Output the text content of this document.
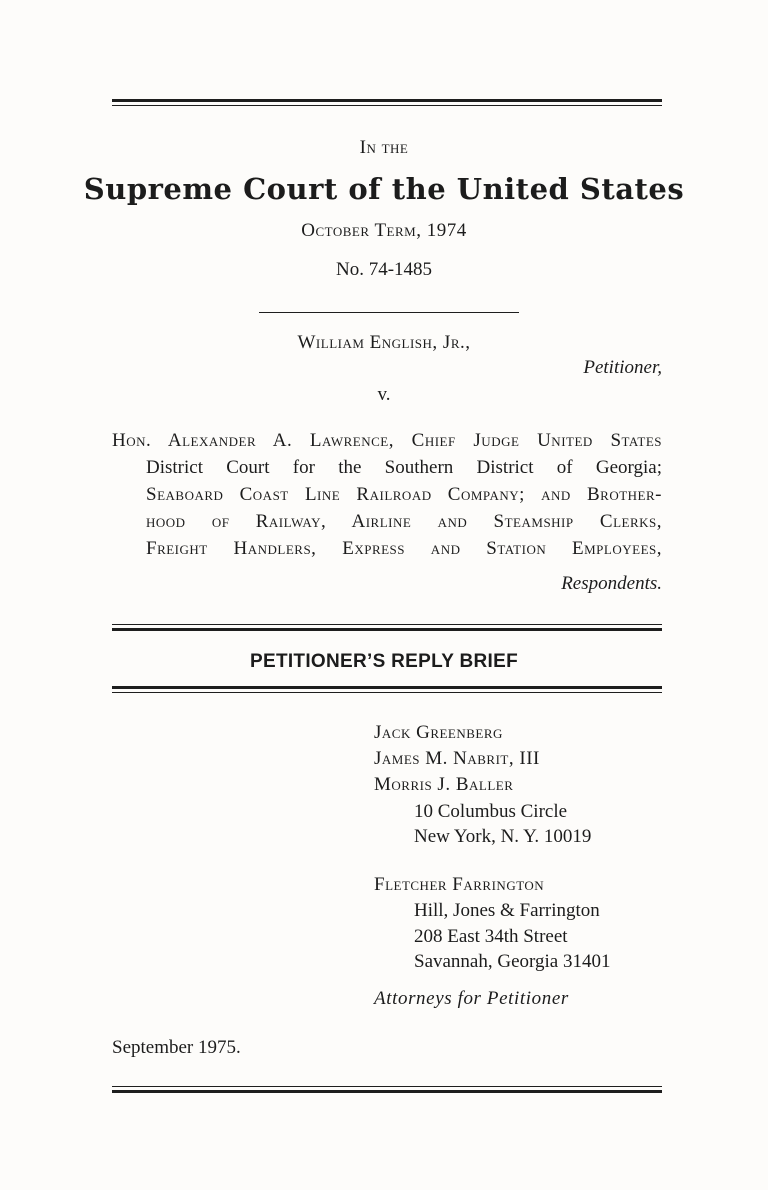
In the
Supreme Court of the United States
October Term, 1974
No. 74-1485
William English, Jr.,
Petitioner,
v.
Hon. Alexander A. Lawrence, Chief Judge United States
District Court for the Southern District of Georgia;
Seaboard Coast Line Railroad Company; and Brother-
hood of Railway, Airline and Steamship Clerks,
Freight Handlers, Express and Station Employees,
Respondents.
PETITIONER’S REPLY BRIEF
Jack Greenberg
James M. Nabrit, III
Morris J. Baller
10 Columbus Circle
New York, N. Y. 10019
Fletcher Farrington
Hill, Jones & Farrington
208 East 34th Street
Savannah, Georgia 31401
Attorneys for Petitioner
September 1975.
